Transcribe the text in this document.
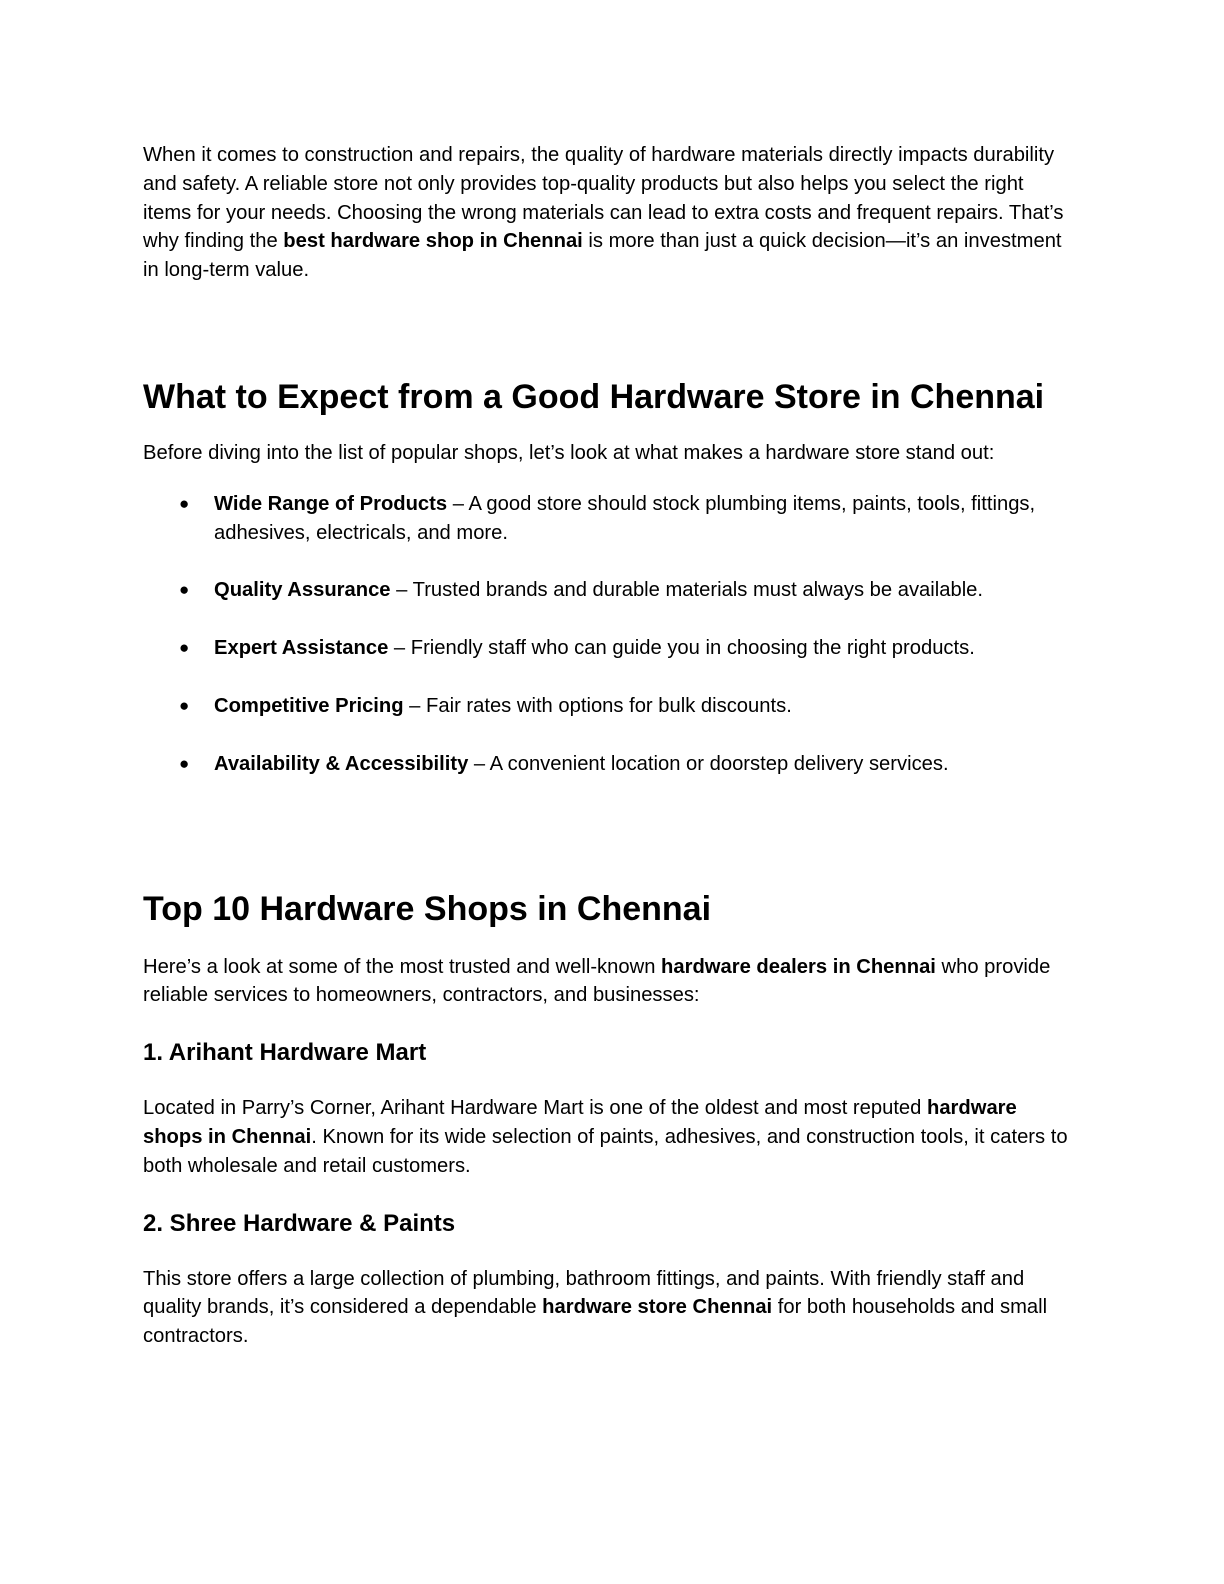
When it comes to construction and repairs, the quality of hardware materials directly impacts durability and safety. A reliable store not only provides top-quality products but also helps you select the right items for your needs. Choosing the wrong materials can lead to extra costs and frequent repairs. That’s why finding the best hardware shop in Chennai is more than just a quick decision—it’s an investment in long-term value.

What to Expect from a Good Hardware Store in Chennai

Before diving into the list of popular shops, let’s look at what makes a hardware store stand out:

● Wide Range of Products – A good store should stock plumbing items, paints, tools, fittings, adhesives, electricals, and more.
● Quality Assurance – Trusted brands and durable materials must always be available.
● Expert Assistance – Friendly staff who can guide you in choosing the right products.
● Competitive Pricing – Fair rates with options for bulk discounts.
● Availability & Accessibility – A convenient location or doorstep delivery services.
Top 10 Hardware Shops in Chennai

Here’s a look at some of the most trusted and well-known hardware dealers in Chennai who provide reliable services to homeowners, contractors, and businesses:

1. Arihant Hardware Mart

Located in Parry’s Corner, Arihant Hardware Mart is one of the oldest and most reputed hardware shops in Chennai. Known for its wide selection of paints, adhesives, and construction tools, it caters to both wholesale and retail customers.

2. Shree Hardware & Paints

This store offers a large collection of plumbing, bathroom fittings, and paints. With friendly staff and quality brands, it’s considered a dependable hardware store Chennai for both households and small contractors.
